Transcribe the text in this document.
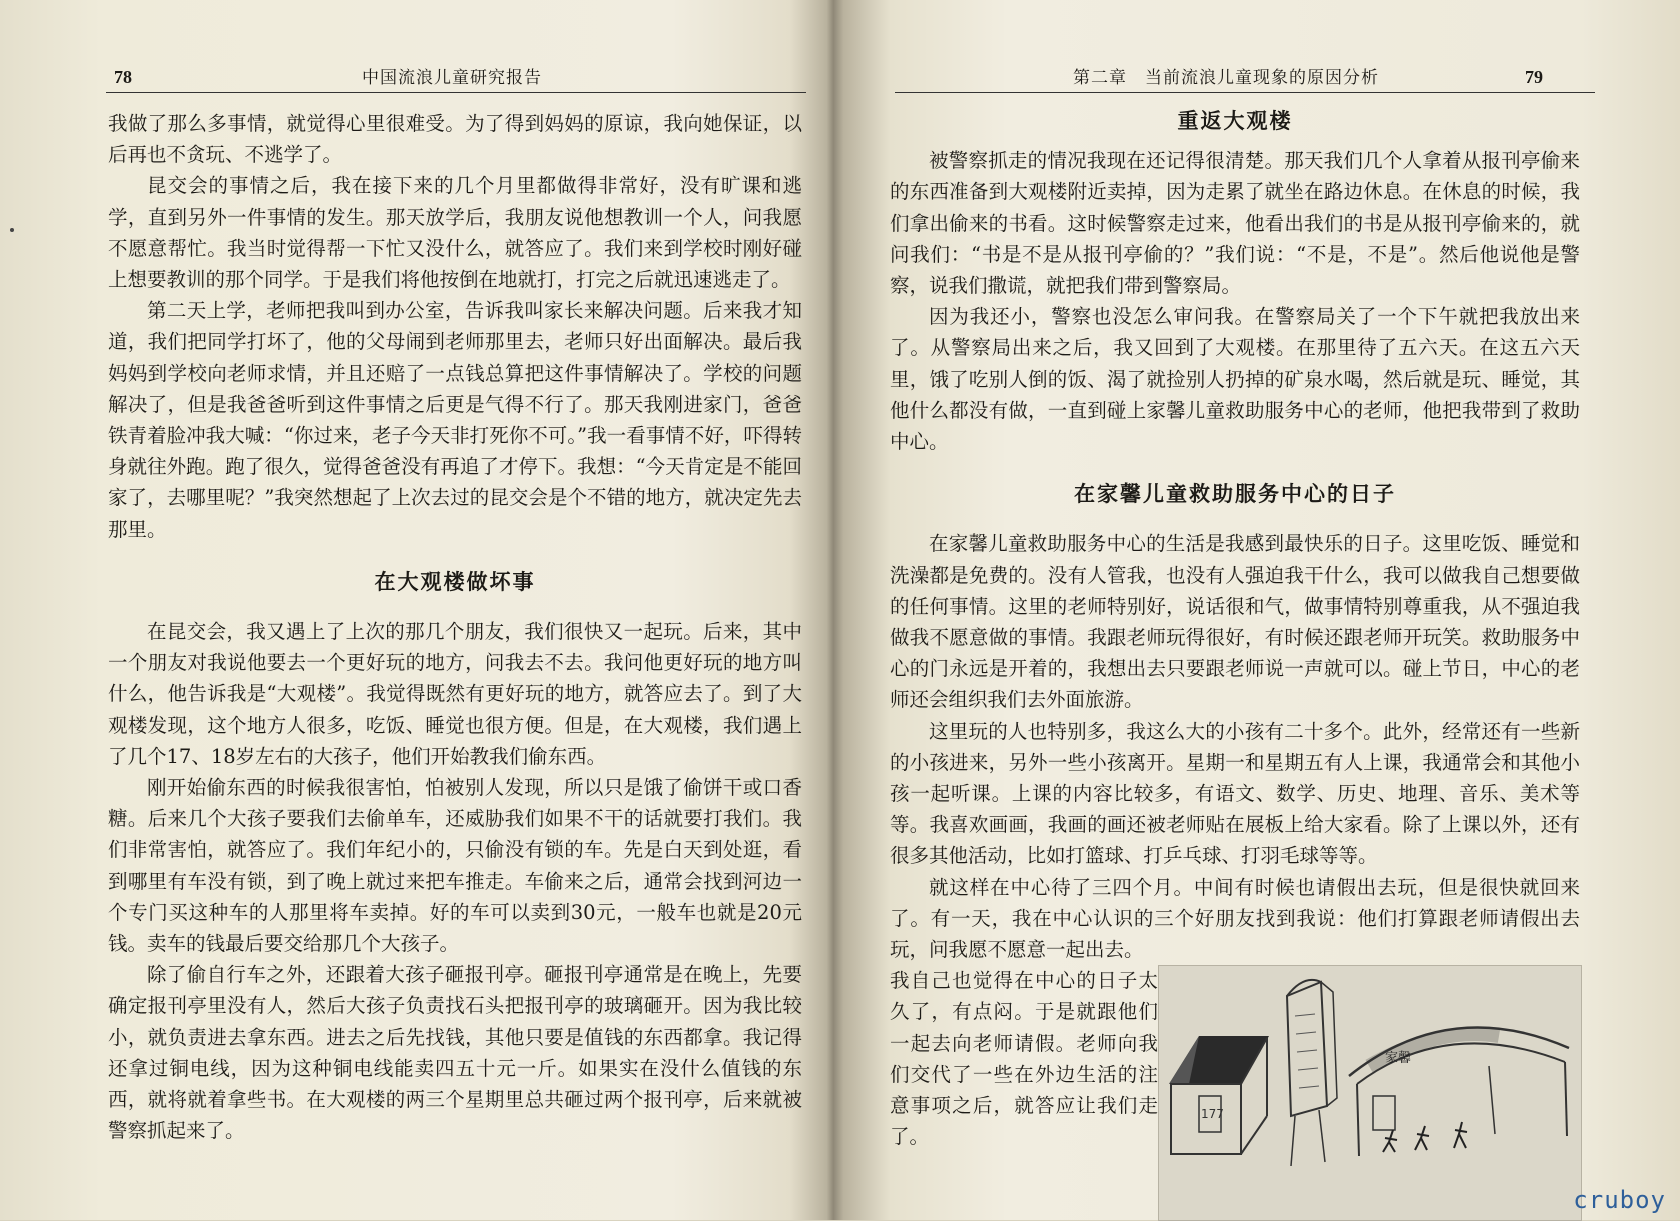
78	中国流浪儿童研究报告

我做了那么多事情，就觉得心里很难受。为了得到妈妈的原谅，我向她保证，以后再也不贪玩、不逃学了。

昆交会的事情之后，我在接下来的几个月里都做得非常好，没有旷课和逃学，直到另外一件事情的发生。那天放学后，我朋友说他想教训一个人，问我愿不愿意帮忙。我当时觉得帮一下忙又没什么，就答应了。我们来到学校时刚好碰上想要教训的那个同学。于是我们将他按倒在地就打，打完之后就迅速逃走了。

第二天上学，老师把我叫到办公室，告诉我叫家长来解决问题。后来我才知道，我们把同学打坏了，他的父母闹到老师那里去，老师只好出面解决。最后我妈妈到学校向老师求情，并且还赔了一点钱总算把这件事情解决了。学校的问题解决了，但是我爸爸听到这件事情之后更是气得不行了。那天我刚进家门，爸爸铁青着脸冲我大喊：“你过来，老子今天非打死你不可。”我一看事情不好，吓得转身就往外跑。跑了很久，觉得爸爸没有再追了才停下。我想：“今天肯定是不能回家了，去哪里呢？”我突然想起了上次去过的昆交会是个不错的地方，就决定先去那里。

在大观楼做坏事

在昆交会，我又遇上了上次的那几个朋友，我们很快又一起玩。后来，其中一个朋友对我说他要去一个更好玩的地方，问我去不去。我问他更好玩的地方叫什么，他告诉我是“大观楼”。我觉得既然有更好玩的地方，就答应去了。到了大观楼发现，这个地方人很多，吃饭、睡觉也很方便。但是，在大观楼，我们遇上了几个17、18岁左右的大孩子，他们开始教我们偷东西。

刚开始偷东西的时候我很害怕，怕被别人发现，所以只是饿了偷饼干或口香糖。后来几个大孩子要我们去偷单车，还威胁我们如果不干的话就要打我们。我们非常害怕，就答应了。我们年纪小的，只偷没有锁的车。先是白天到处逛，看到哪里有车没有锁，到了晚上就过来把车推走。车偷来之后，通常会找到河边一个专门买这种车的人那里将车卖掉。好的车可以卖到30元，一般车也就是20元钱。卖车的钱最后要交给那几个大孩子。

除了偷自行车之外，还跟着大孩子砸报刊亭。砸报刊亭通常是在晚上，先要确定报刊亭里没有人，然后大孩子负责找石头把报刊亭的玻璃砸开。因为我比较小，就负责进去拿东西。进去之后先找钱，其他只要是值钱的东西都拿。我记得还拿过铜电线，因为这种铜电线能卖四五十元一斤。如果实在没什么值钱的东西，就将就着拿些书。在大观楼的两三个星期里总共砸过两个报刊亭，后来就被警察抓起来了。

第二章　当前流浪儿童现象的原因分析	79
重返大观楼

被警察抓走的情况我现在还记得很清楚。那天我们几个人拿着从报刊亭偷来的东西准备到大观楼附近卖掉，因为走累了就坐在路边休息。在休息的时候，我们拿出偷来的书看。这时候警察走过来，他看出我们的书是从报刊亭偷来的，就问我们：“书是不是从报刊亭偷的？”我们说：“不是，不是”。然后他说他是警察，说我们撒谎，就把我们带到警察局。

因为我还小，警察也没怎么审问我。在警察局关了一个下午就把我放出来了。从警察局出来之后，我又回到了大观楼。在那里待了五六天。在这五六天里，饿了吃别人倒的饭、渴了就捡别人扔掉的矿泉水喝，然后就是玩、睡觉，其他什么都没有做，一直到碰上家馨儿童救助服务中心的老师，他把我带到了救助中心。

在家馨儿童救助服务中心的日子

在家馨儿童救助服务中心的生活是我感到最快乐的日子。这里吃饭、睡觉和洗澡都是免费的。没有人管我，也没有人强迫我干什么，我可以做我自己想要做的任何事情。这里的老师特别好，说话很和气，做事情特别尊重我，从不强迫我做我不愿意做的事情。我跟老师玩得很好，有时候还跟老师开玩笑。救助服务中心的门永远是开着的，我想出去只要跟老师说一声就可以。碰上节日，中心的老师还会组织我们去外面旅游。

这里玩的人也特别多，我这么大的小孩有二十多个。此外，经常还有一些新的小孩进来，另外一些小孩离开。星期一和星期五有人上课，我通常会和其他小孩一起听课。上课的内容比较多，有语文、数学、历史、地理、音乐、美术等等。我喜欢画画，我画的画还被老师贴在展板上给大家看。除了上课以外，还有很多其他活动，比如打篮球、打乒乓球、打羽毛球等等。

就这样在中心待了三四个月。中间有时候也请假出去玩，但是很快就回来了。有一天，我在中心认识的三个好朋友找到我说：他们打算跟老师请假出去玩，问我愿不愿意一起出去。

177
家馨

我自己也觉得在中心的日子太久了，有点闷。于是就跟他们一起去向老师请假。老师向我们交代了一些在外边生活的注意事项之后，就答应让我们走了。

cruboy
